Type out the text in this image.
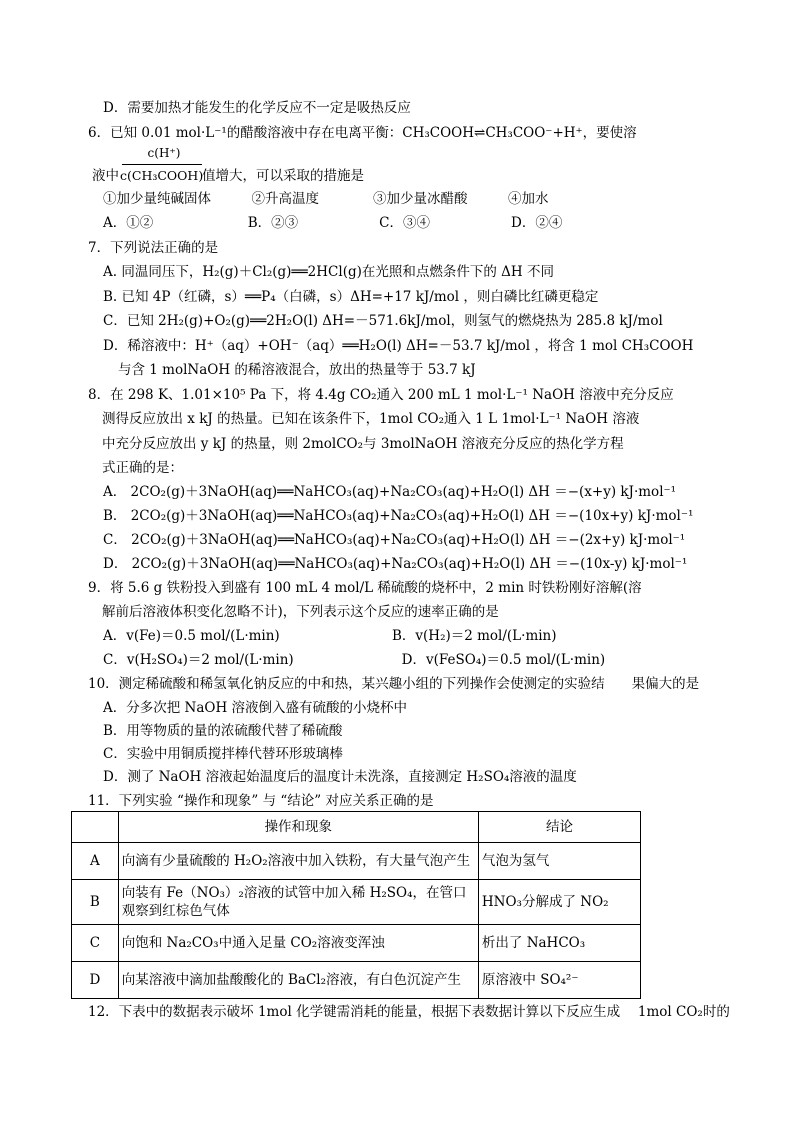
D．需要加热才能发生的化学反应不一定是吸热反应
6．已知 0.01 mol·L⁻¹的醋酸溶液中存在电离平衡：CH₃COOH⇌CH₃COO⁻+H⁺，要使溶
c(H⁺)
液中 c(CH₃COOH)
值增大，可以采取的措施是
①加少量纯碱固体　　　②升高温度　　　　③加少量冰醋酸　　　④加水
A．①②　　　　　　　B．②③　　　　　　C．③④　　　　　　D．②④
7．下列说法正确的是
A. 同温同压下，H₂(g)＋Cl₂(g)══2HCl(g)在光照和点燃条件下的 ΔH 不同
B. 已知 4P（红磷，s）══P₄（白磷，s）ΔH=+17 kJ/mol ，则白磷比红磷更稳定
C．已知 2H₂(g)+O₂(g)══2H₂O(l) ΔH=－571.6kJ/mol，则氢气的燃烧热为 285.8 kJ/mol
D．稀溶液中：H⁺（aq）+OH⁻（aq）══H₂O(l) ΔH=－53.7 kJ/mol ，将含 1 mol CH₃COOH
与含 1 molNaOH 的稀溶液混合，放出的热量等于 53.7 kJ
8．在 298 K、1.01×10⁵ Pa 下，将 4.4g CO₂通入 200 mL 1 mol·L⁻¹ NaOH 溶液中充分反应
测得反应放出 x kJ 的热量。已知在该条件下，1mol CO₂通入 1 L 1mol·L⁻¹ NaOH 溶液
中充分反应放出 y kJ 的热量，则 2molCO₂与 3molNaOH 溶液充分反应的热化学方程
式正确的是：
A． 2CO₂(g)＋3NaOH(aq)══NaHCO₃(aq)+Na₂CO₃(aq)+H₂O(l) ΔH ＝−(x+y) kJ·mol⁻¹
B． 2CO₂(g)＋3NaOH(aq)══NaHCO₃(aq)+Na₂CO₃(aq)+H₂O(l) ΔH ＝−(10x+y) kJ·mol⁻¹
C． 2CO₂(g)＋3NaOH(aq)══NaHCO₃(aq)+Na₂CO₃(aq)+H₂O(l) ΔH ＝−(2x+y) kJ·mol⁻¹
D． 2CO₂(g)＋3NaOH(aq)══NaHCO₃(aq)+Na₂CO₃(aq)+H₂O(l) ΔH ＝−(10x-y) kJ·mol⁻¹
9．将 5.6 g 铁粉投入到盛有 100 mL 4 mol/L 稀硫酸的烧杯中，2 min 时铁粉刚好溶解(溶
解前后溶液体积变化忽略不计)，下列表示这个反应的速率正确的是
A．v(Fe)＝0.5 mol/(L·min)　　　　　　　　 B．v(H₂)＝2 mol/(L·min)
C．v(H₂SO₄)＝2 mol/(L·min)　　　　　　　　D．v(FeSO₄)＝0.5 mol/(L·min)
10．测定稀硫酸和稀氢氧化钠反应的中和热，某兴趣小组的下列操作会使测定的实验结　　果偏大的是
A．分多次把 NaOH 溶液倒入盛有硫酸的小烧杯中
B．用等物质的量的浓硫酸代替了稀硫酸
C．实验中用铜质搅拌棒代替环形玻璃棒
D．测了 NaOH 溶液起始温度后的温度计未洗涤，直接测定 H₂SO₄溶液的温度
11．下列实验 “操作和现象” 与 “结论” 对应关系正确的是
	操作和现象	结论
A	向滴有少量硫酸的 H₂O₂溶液中加入铁粉，有大量气泡产生	气泡为氢气
B	向装有 Fe（NO₃）₂溶液的试管中加入稀 H₂SO₄，在管口观察到红棕色气体	HNO₃分解成了 NO₂
C	向饱和 Na₂CO₃中通入足量 CO₂溶液变浑浊	析出了 NaHCO₃
D	向某溶液中滴加盐酸酸化的 BaCl₂溶液，有白色沉淀产生	原溶液中 SO₄²⁻
12．下表中的数据表示破坏 1mol 化学键需消耗的能量，根据下表数据计算以下反应生成　 1mol CO₂时的
